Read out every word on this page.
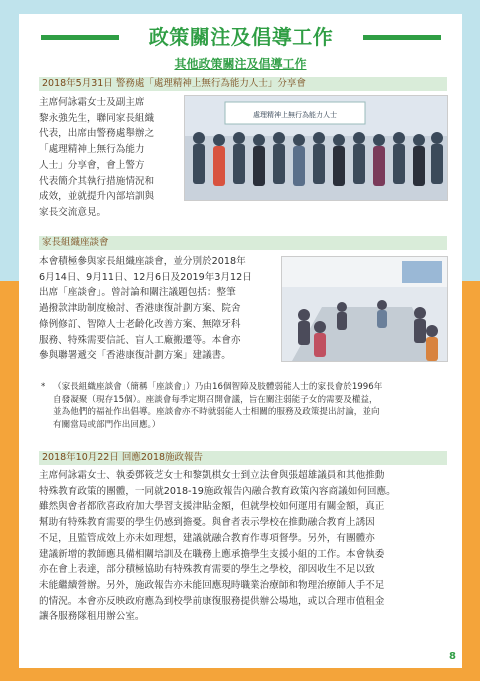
政策關注及倡導工作
其他政策關注及倡導工作
2018年5月31日 警務處「處理精神上無行為能力人士」分享會

主席何詠霜女士及副主席
黎永強先生，聯同家長組織
代表，出席由警務處舉辦之
「處理精神上無行為能力
人士」分享會，會上警方
代表簡介其執行措施情況和
成效，並就提升內部培訓與
家長交流意見。

處理精神上無行為能力人士
家長組織座談會

本會積極參與家長組織座談會，並分別於2018年
6月14日、9月11日、12月6日及2019年3月12日
出席「座談會」。曾討論和關注議題包括：整筆
過撥款津助制度檢討、香港康復計劃方案、院舍
條例修訂、智障人士老齡化改善方案、無障牙科
服務、特殊需要信託、盲人工廠搬遷等。本會亦
參與聯署遞交「香港康復計劃方案」建議書。

* （家長組織座談會（簡稱「座談會」）乃由16個智障及肢體弱能人士的家長會於1996年
自發凝聚（現存15個）。座談會每季定期召開會議，旨在關注弱能子女的需要及權益，
並為他們的福祉作出倡導。座談會亦不時就弱能人士相關的服務及政策提出討論，並向
有關當局或部門作出回應。）
2018年10月22日 回應2018施政報告

主席何詠霜女士、執委鄧筱芝女士和黎凱棋女士到立法會與張超雄議員和其他推動
特殊教育政策的團體，一同就2018-19施政報告內融合教育政策內容商議如何回應。
雖然與會者都欣喜政府加大學習支援津貼金額，但就學校如何運用有關金額，真正
幫助有特殊教育需要的學生仍感到擔憂。與會者表示學校在推動融合教育上誘因
不足，且監管成效上亦未如理想，建議就融合教育作專項督學。另外，有團體亦
建議新增的教師應具備相關培訓及在職務上應承擔學生支援小組的工作。本會執委
亦在會上表達，部分積極協助有特殊教育需要的學生之學校，卻因收生不足以致
未能繼續營辦。另外，施政報告亦未能回應現時職業治療師和物理治療師人手不足
的情況。本會亦反映政府應為到校學前康復服務提供辦公場地，或以合理市值租金
讓各服務隊租用辦公室。

8
